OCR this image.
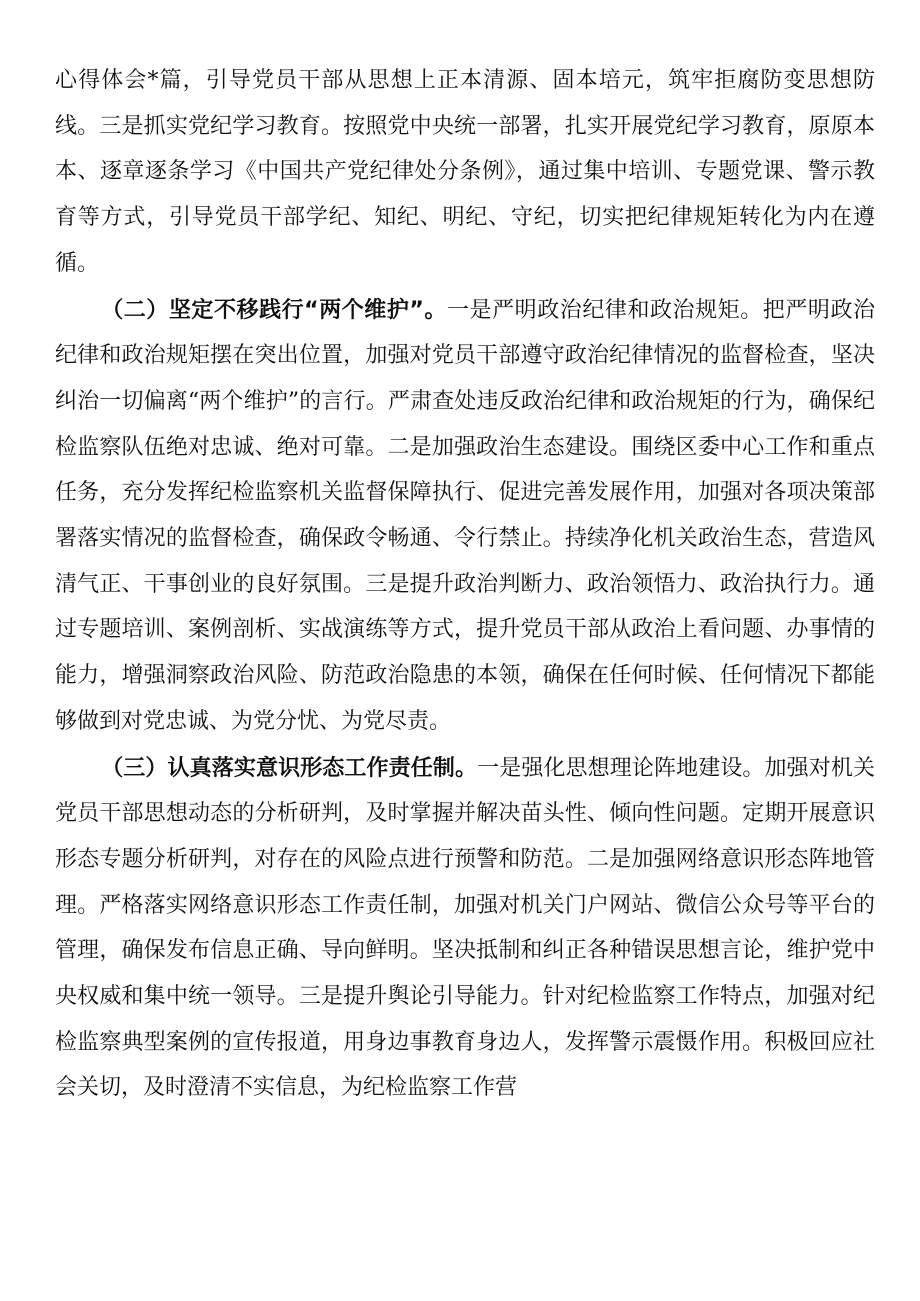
心得体会*篇，引导党员干部从思想上正本清源、固本培元，筑牢拒腐防变思想防线。三是抓实党纪学习教育。按照党中央统一部署，扎实开展党纪学习教育，原原本本、逐章逐条学习《中国共产党纪律处分条例》，通过集中培训、专题党课、警示教育等方式，引导党员干部学纪、知纪、明纪、守纪，切实把纪律规矩转化为内在遵循。

（二）坚定不移践行“两个维护”。一是严明政治纪律和政治规矩。把严明政治纪律和政治规矩摆在突出位置，加强对党员干部遵守政治纪律情况的监督检查，坚决纠治一切偏离“两个维护”的言行。严肃查处违反政治纪律和政治规矩的行为，确保纪检监察队伍绝对忠诚、绝对可靠。二是加强政治生态建设。围绕区委中心工作和重点任务，充分发挥纪检监察机关监督保障执行、促进完善发展作用，加强对各项决策部署落实情况的监督检查，确保政令畅通、令行禁止。持续净化机关政治生态，营造风清气正、干事创业的良好氛围。三是提升政治判断力、政治领悟力、政治执行力。通过专题培训、案例剖析、实战演练等方式，提升党员干部从政治上看问题、办事情的能力，增强洞察政治风险、防范政治隐患的本领，确保在任何时候、任何情况下都能够做到对党忠诚、为党分忧、为党尽责。

（三）认真落实意识形态工作责任制。一是强化思想理论阵地建设。加强对机关党员干部思想动态的分析研判，及时掌握并解决苗头性、倾向性问题。定期开展意识形态专题分析研判，对存在的风险点进行预警和防范。二是加强网络意识形态阵地管理。严格落实网络意识形态工作责任制，加强对机关门户网站、微信公众号等平台的管理，确保发布信息正确、导向鲜明。坚决抵制和纠正各种错误思想言论，维护党中央权威和集中统一领导。三是提升舆论引导能力。针对纪检监察工作特点，加强对纪检监察典型案例的宣传报道，用身边事教育身边人，发挥警示震慑作用。积极回应社会关切，及时澄清不实信息，为纪检监察工作营
